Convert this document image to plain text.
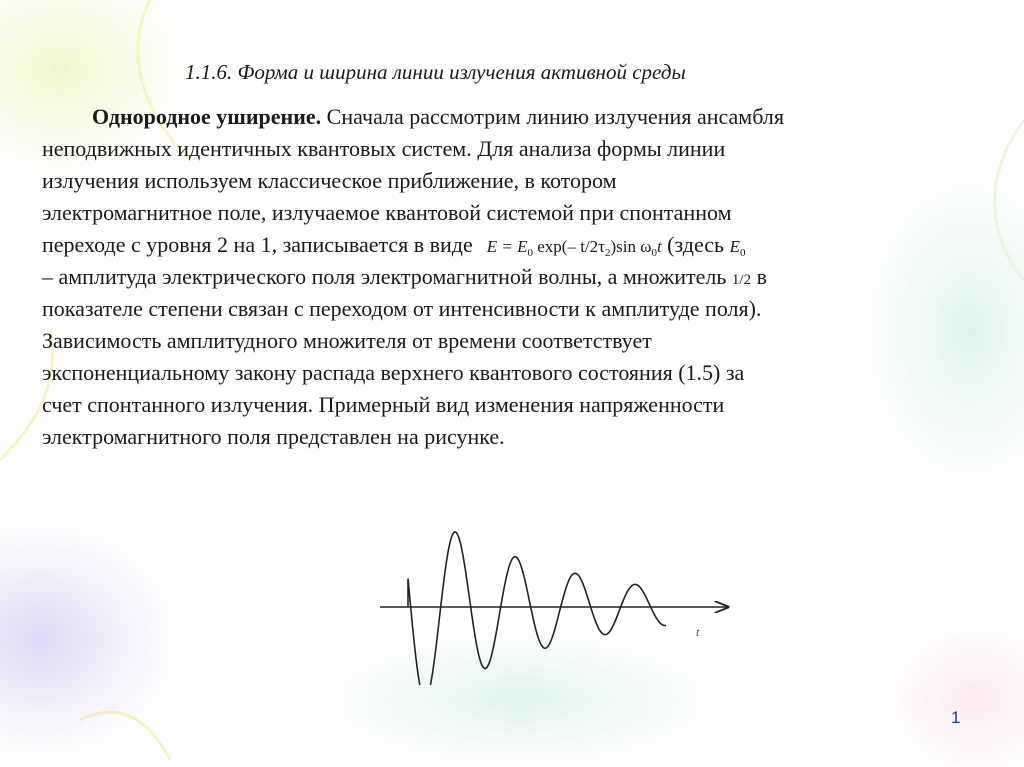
1.1.6. Форма и ширина линии излучения активной среды
Однородное уширение. Сначала рассмотрим линию излучения ансамбля
неподвижных идентичных квантовых систем. Для анализа формы линии
излучения используем классическое приближение, в котором
электромагнитное поле, излучаемое квантовой системой при спонтанном
переходе с уровня 2 на 1, записывается в виде $E = E_0$ exp(– $t/2\tau_2)\sin$ $\omega_0t$ (здесь $E_0$
– амплитуда электрического поля электромагнитной волны, а множитель 1/2 в
показателе степени связан с переходом от интенсивности к амплитуде поля).
Зависимость амплитудного множителя от времени соответствует
экспоненциальному закону распада верхнего квантового состояния (1.5) за
счет спонтанного излучения. Примерный вид изменения напряженности
электромагнитного поля представлен на рисунке.
t
1
